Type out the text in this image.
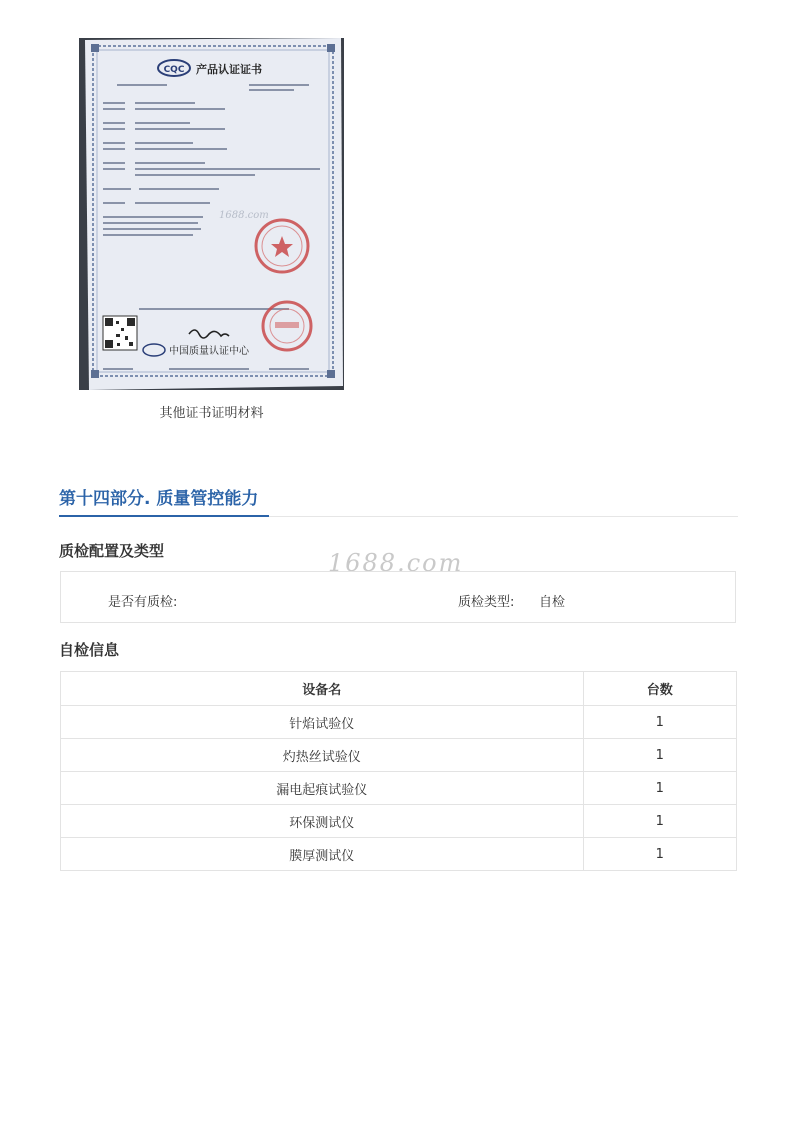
CQC 产品认证证书
1688.com
中国质量认证中心
其他证书证明材料
第十四部分. 质量管控能力
质检配置及类型	1688.com
是否有质检:	质检类型: 自检
自检信息
设备名	台数
针焰试验仪	1
灼热丝试验仪	1
漏电起痕试验仪	1
环保测试仪	1
膜厚测试仪	1
